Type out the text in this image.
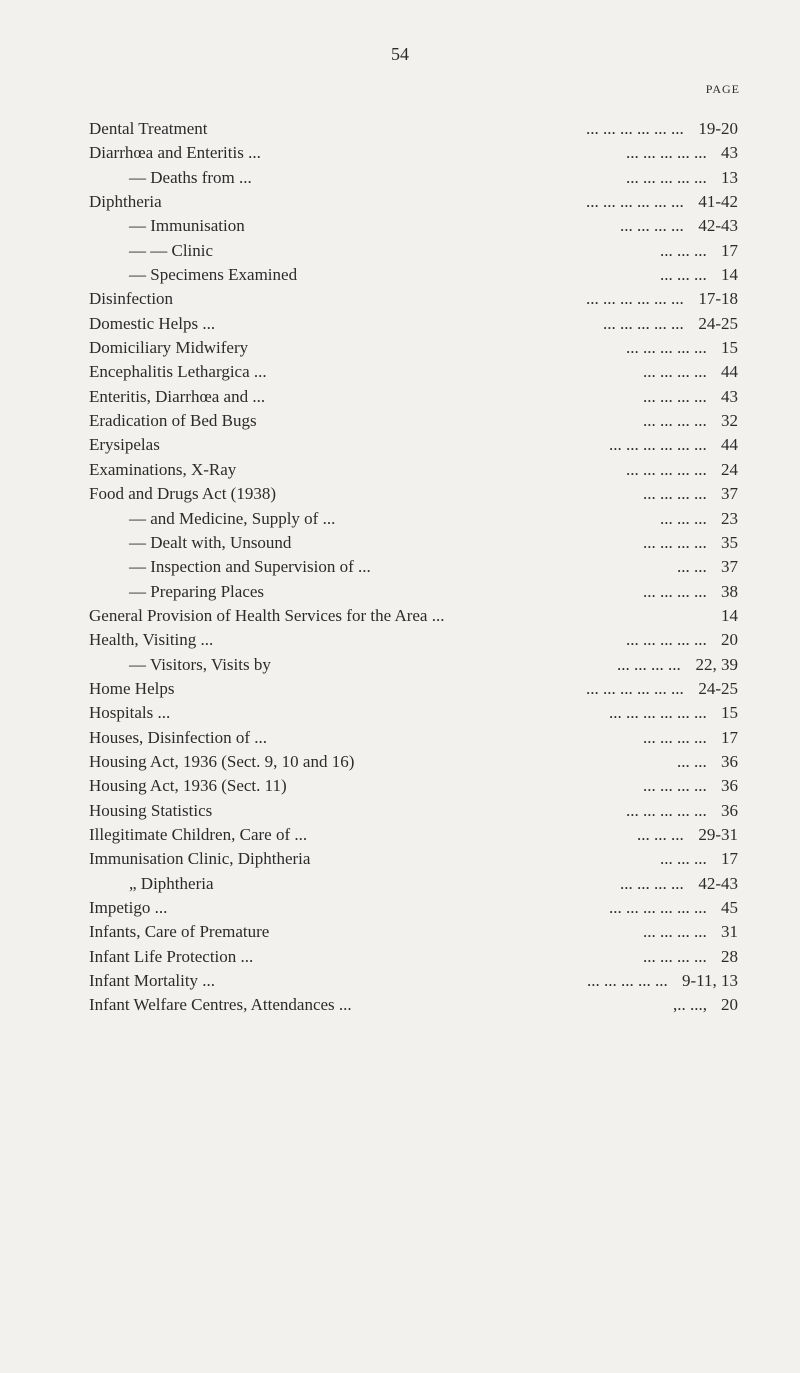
54
PAGE
Dental Treatment	... ... ... ... ... ... 19-20
Diarrhœa and Enteritis ...	... ... ... ... ... 43
— Deaths from ...	... ... ... ... ... 13
Diphtheria	... ... ... ... ... ... 41-42
— Immunisation	... ... ... ... 42-43
— — Clinic	... ... ... 17
— Specimens Examined	... ... ... 14
Disinfection	... ... ... ... ... ... 17-18
Domestic Helps ...	... ... ... ... ... 24-25
Domiciliary Midwifery	... ... ... ... ... 15
Encephalitis Lethargica ...	... ... ... ... 44
Enteritis, Diarrhœa and ...	... ... ... ... 43
Eradication of Bed Bugs	... ... ... ... 32
Erysipelas	... ... ... ... ... ... 44
Examinations, X-Ray	... ... ... ... ... 24
Food and Drugs Act (1938)	... ... ... ... 37
— and Medicine, Supply of ...	... ... ... 23
— Dealt with, Unsound	... ... ... ... 35
— Inspection and Supervision of ...	... ... 37
— Preparing Places	... ... ... ... 38
General Provision of Health Services for the Area ...	14
Health, Visiting ...	... ... ... ... ... 20
— Visitors, Visits by	... ... ... ... 22, 39
Home Helps	... ... ... ... ... ... 24-25
Hospitals ...	... ... ... ... ... ... 15
Houses, Disinfection of ...	... ... ... ... 17
Housing Act, 1936 (Sect. 9, 10 and 16)	... ... 36
Housing Act, 1936 (Sect. 11)	... ... ... ... 36
Housing Statistics	... ... ... ... ... 36
Illegitimate Children, Care of ...	... ... ... 29-31
Immunisation Clinic, Diphtheria	... ... ... 17
„ Diphtheria	... ... ... ... 42-43
Impetigo ...	... ... ... ... ... ... 45
Infants, Care of Premature	... ... ... ... 31
Infant Life Protection ...	... ... ... ... 28
Infant Mortality ...	... ... ... ... ... 9-11, 13
Infant Welfare Centres, Attendances ...	,.. ..., 20
